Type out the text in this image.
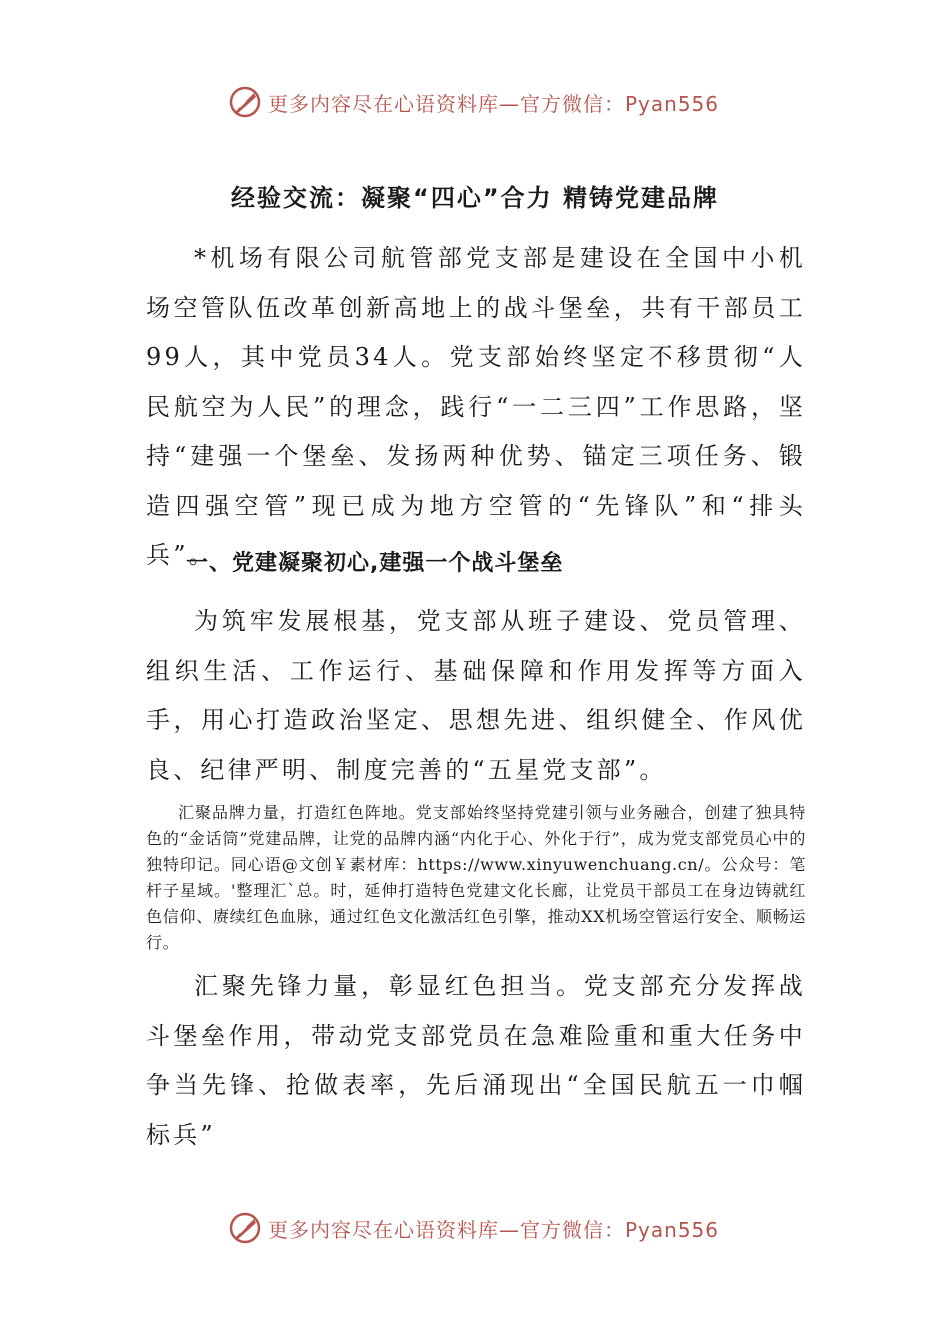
更多内容尽在心语资料库—官方微信：Pyan556
经验交流：凝聚“四心”合力 精铸党建品牌

*机场有限公司航管部党支部是建设在全国中小机场空管队伍改革创新高地上的战斗堡垒，共有干部员工99人，其中党员34人。党支部始终坚定不移贯彻“人民航空为人民”的理念，践行“一二三四”工作思路，坚持“建强一个堡垒、发扬两种优势、锚定三项任务、锻造四强空管”现已成为地方空管的“先锋队”和“排头兵”。

一、党建凝聚初心,建强一个战斗堡垒

为筑牢发展根基，党支部从班子建设、党员管理、组织生活、工作运行、基础保障和作用发挥等方面入手，用心打造政治坚定、思想先进、组织健全、作风优良、纪律严明、制度完善的“五星党支部”。

汇聚品牌力量，打造红色阵地。党支部始终坚持党建引领与业务融合，创建了独具特色的“金话筒”党建品牌，让党的品牌内涵“内化于心、外化于行”，成为党支部党员心中的独特印记。同心语@文创￥素材库：https://www.xinyuwenchuang.cn/。公众号：笔杆子星域。'整理汇`总。时，延伸打造特色党建文化长廊，让党员干部员工在身边铸就红色信仰、赓续红色血脉，通过红色文化激活红色引擎，推动XX机场空管运行安全、顺畅运行。

汇聚先锋力量，彰显红色担当。党支部充分发挥战斗堡垒作用，带动党支部党员在急难险重和重大任务中争当先锋、抢做表率，先后涌现出“全国民航五一巾帼标兵”

更多内容尽在心语资料库—官方微信：Pyan556
